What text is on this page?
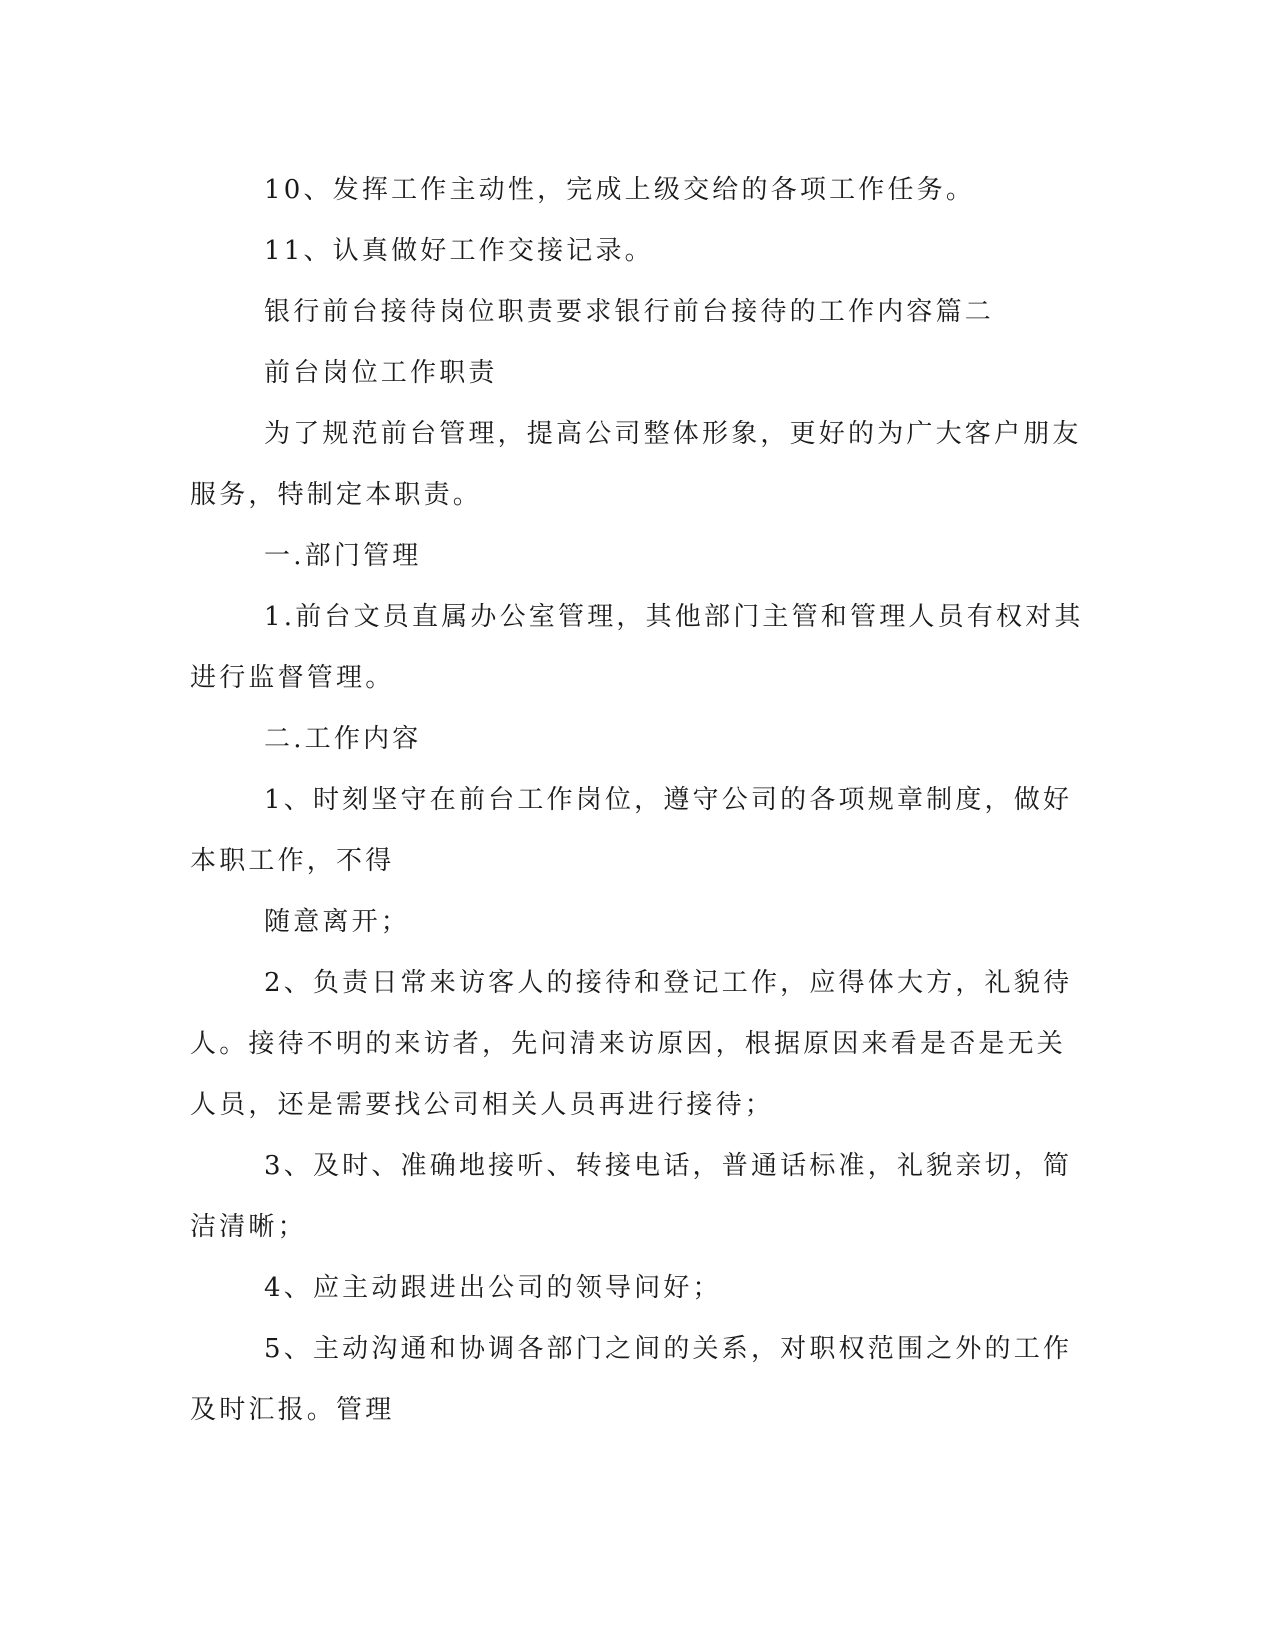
10、发挥工作主动性，完成上级交给的各项工作任务。

11、认真做好工作交接记录。

银行前台接待岗位职责要求银行前台接待的工作内容篇二

前台岗位工作职责

为了规范前台管理，提高公司整体形象，更好的为广大客户朋友
服务，特制定本职责。

一.部门管理

1.前台文员直属办公室管理，其他部门主管和管理人员有权对其
进行监督管理。

二.工作内容

1、时刻坚守在前台工作岗位，遵守公司的各项规章制度，做好
本职工作，不得

随意离开；

2、负责日常来访客人的接待和登记工作，应得体大方，礼貌待
人。接待不明的来访者，先问清来访原因，根据原因来看是否是无关
人员，还是需要找公司相关人员再进行接待；

3、及时、准确地接听、转接电话，普通话标准，礼貌亲切，简
洁清晰；

4、应主动跟进出公司的领导问好；

5、主动沟通和协调各部门之间的关系，对职权范围之外的工作
及时汇报。管理
